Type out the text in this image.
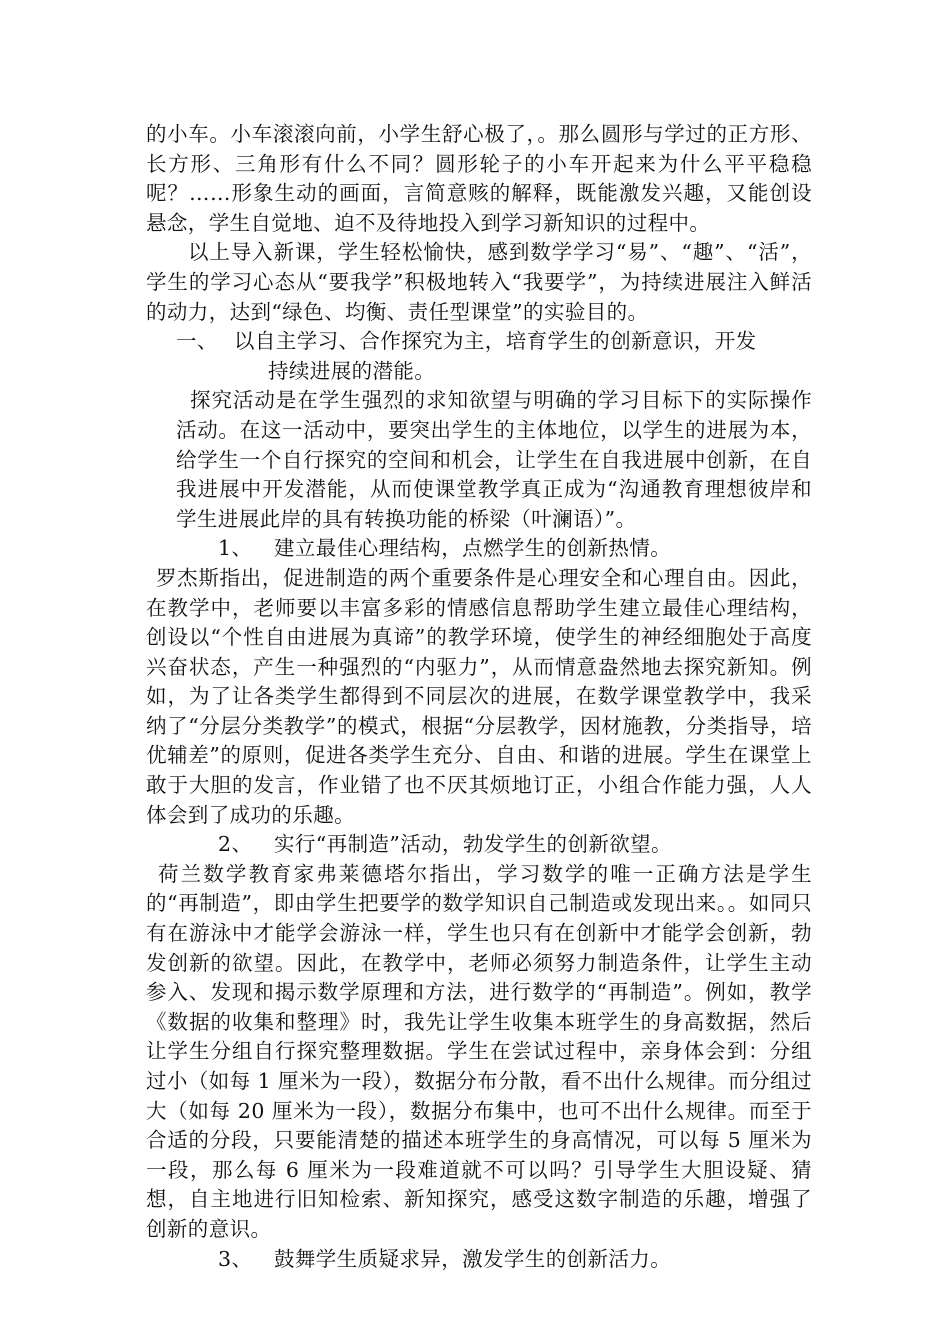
的小车。小车滚滚向前，小学生舒心极了，。那么圆形与学过的正方形、长方形、三角形有什么不同？圆形轮子的小车开起来为什么平平稳稳呢？……形象生动的画面，言简意赅的解释，既能激发兴趣，又能创设悬念，学生自觉地、迫不及待地投入到学习新知识的过程中。

以上导入新课，学生轻松愉快，感到数学学习“易”、“趣”、“活”，学生的学习心态从“要我学”积极地转入“我要学”，为持续进展注入鲜活的动力，达到“绿色、均衡、责任型课堂”的实验目的。

一、 以自主学习、合作探究为主，培育学生的创新意识，开发
持续进展的潜能。

探究活动是在学生强烈的求知欲望与明确的学习目标下的实际操作活动。在这一活动中，要突出学生的主体地位，以学生的进展为本，给学生一个自行探究的空间和机会，让学生在自我进展中创新，在自我进展中开发潜能，从而使课堂教学真正成为“沟通教育理想彼岸和学生进展此岸的具有转换功能的桥梁（叶澜语）”。

1、 建立最佳心理结构，点燃学生的创新热情。

罗杰斯指出，促进制造的两个重要条件是心理安全和心理自由。因此，在教学中，老师要以丰富多彩的情感信息帮助学生建立最佳心理结构，创设以“个性自由进展为真谛”的教学环境，使学生的神经细胞处于高度兴奋状态，产生一种强烈的“内驱力”，从而情意盎然地去探究新知。例如，为了让各类学生都得到不同层次的进展，在数学课堂教学中，我采纳了“分层分类教学”的模式，根据“分层教学，因材施教，分类指导，培优辅差”的原则，促进各类学生充分、自由、和谐的进展。学生在课堂上敢于大胆的发言，作业错了也不厌其烦地订正，小组合作能力强，人人体会到了成功的乐趣。

2、 实行“再制造”活动，勃发学生的创新欲望。

荷兰数学教育家弗莱德塔尔指出，学习数学的唯一正确方法是学生的“再制造”，即由学生把要学的数学知识自己制造或发现出来。。如同只有在游泳中才能学会游泳一样，学生也只有在创新中才能学会创新，勃发创新的欲望。因此，在教学中，老师必须努力制造条件，让学生主动参入、发现和揭示数学原理和方法，进行数学的“再制造”。例如，教学《数据的收集和整理》时，我先让学生收集本班学生的身高数据，然后让学生分组自行探究整理数据。学生在尝试过程中，亲身体会到：分组过小（如每 1 厘米为一段），数据分布分散，看不出什么规律。而分组过大（如每 20 厘米为一段），数据分布集中，也可不出什么规律。而至于合适的分段，只要能清楚的描述本班学生的身高情况，可以每 5 厘米为一段，那么每 6 厘米为一段难道就不可以吗？引导学生大胆设疑、猜想，自主地进行旧知检索、新知探究，感受这数字制造的乐趣，增强了创新的意识。

3、 鼓舞学生质疑求异，激发学生的创新活力。
